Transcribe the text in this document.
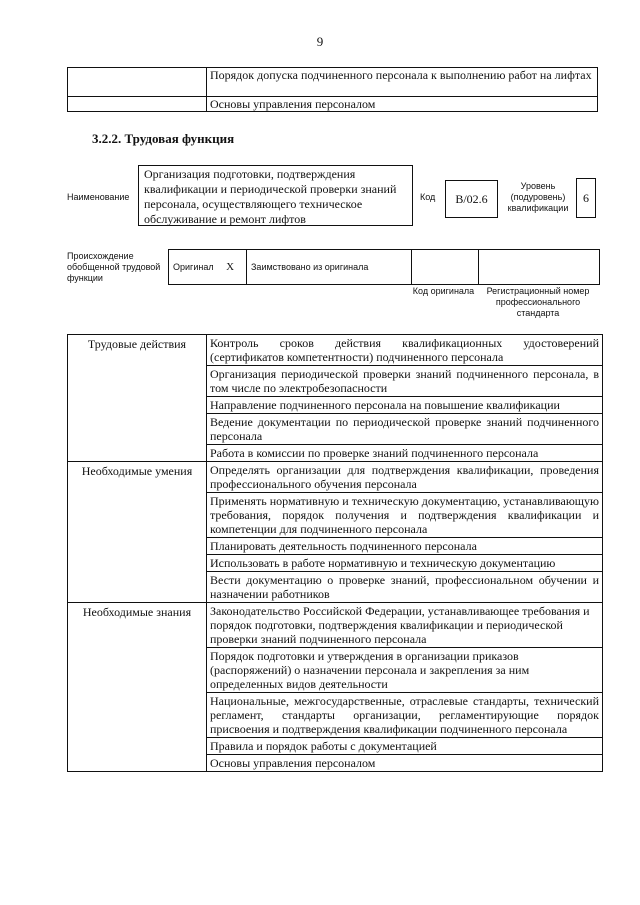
9
	Порядок допуска подчиненного персонала к выполнению работ на лифтах
	Основы управления персоналом
3.2.2. Трудовая функция
Наименование
Организация подготовки, подтверждения квалификации и периодической проверки знаний персонала, осуществляющего техническое обслуживание и ремонт лифтов
Код	B/02.6
Уровень (подуровень) квалификации
6
Происхождение обобщенной трудовой функции
Оригинал X	Заимствовано из оригинала		
Код оригинала	Регистрационный номер профессионального стандарта
Трудовые действия	Контроль сроков действия квалификационных удостоверений (сертификатов компетентности) подчиненного персонала
	Организация периодической проверки знаний подчиненного персонала, в том числе по электробезопасности
	Направление подчиненного персонала на повышение квалификации
	Ведение документации по периодической проверке знаний подчиненного персонала
	Работа в комиссии по проверке знаний подчиненного персонала
Необходимые умения	Определять организации для подтверждения квалификации, проведения профессионального обучения персонала
	Применять нормативную и техническую документацию, устанавливающую требования, порядок получения и подтверждения квалификации и компетенции для подчиненного персонала
	Планировать деятельность подчиненного персонала
	Использовать в работе нормативную и техническую документацию
	Вести документацию о проверке знаний, профессиональном обучении и назначении работников
Необходимые знания	Законодательство Российской Федерации, устанавливающее требования и порядок подготовки, подтверждения квалификации и периодической проверки знаний подчиненного персонала
	Порядок подготовки и утверждения в организации приказов (распоряжений) о назначении персонала и закрепления за ним определенных видов деятельности
	Национальные, межгосударственные, отраслевые стандарты, технический регламент, стандарты организации, регламентирующие порядок присвоения и подтверждения квалификации подчиненного персонала
	Правила и порядок работы с документацией
	Основы управления персоналом
